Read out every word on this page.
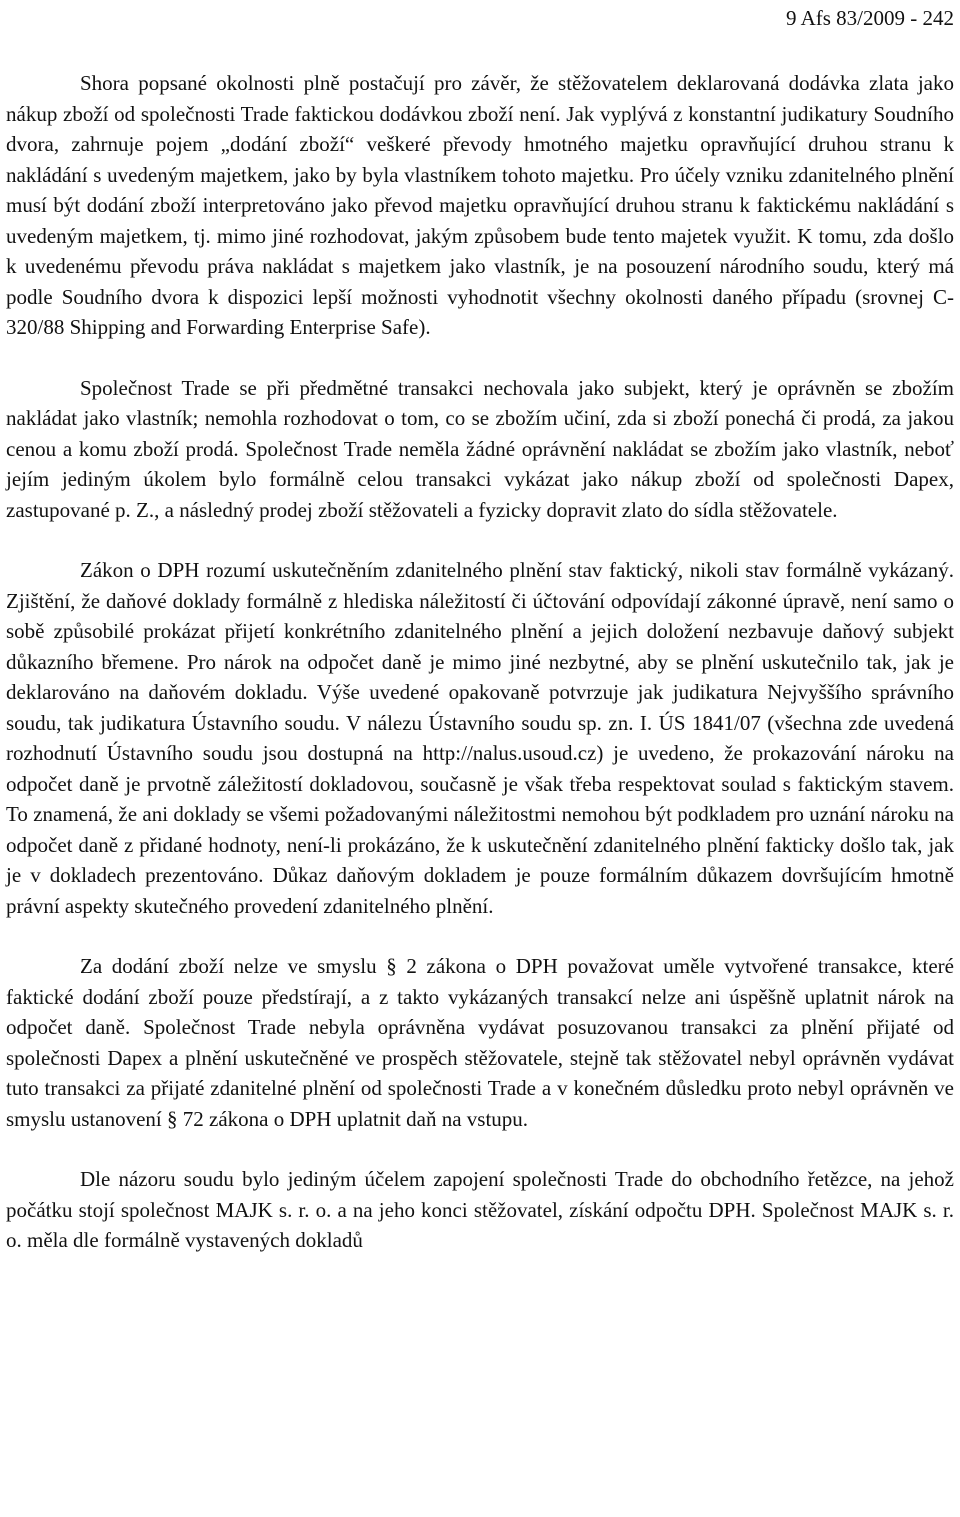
9 Afs 83/2009 - 242

Shora popsané okolnosti plně postačují pro závěr, že stěžovatelem deklarovaná dodávka zlata jako nákup zboží od společnosti Trade faktickou dodávkou zboží není. Jak vyplývá z konstantní judikatury Soudního dvora, zahrnuje pojem „dodání zboží“ veškeré převody hmotného majetku opravňující druhou stranu k nakládání s uvedeným majetkem, jako by byla vlastníkem tohoto majetku. Pro účely vzniku zdanitelného plnění musí být dodání zboží interpretováno jako převod majetku opravňující druhou stranu k faktickému nakládání s uvedeným majetkem, tj. mimo jiné rozhodovat, jakým způsobem bude tento majetek využit. K tomu, zda došlo k uvedenému převodu práva nakládat s majetkem jako vlastník, je na posouzení národního soudu, který má podle Soudního dvora k dispozici lepší možnosti vyhodnotit všechny okolnosti daného případu (srovnej C-320/88 Shipping and Forwarding Enterprise Safe).

Společnost Trade se při předmětné transakci nechovala jako subjekt, který je oprávněn se zbožím nakládat jako vlastník; nemohla rozhodovat o tom, co se zbožím učiní, zda si zboží ponechá či prodá, za jakou cenou a komu zboží prodá. Společnost Trade neměla žádné oprávnění nakládat se zbožím jako vlastník, neboť jejím jediným úkolem bylo formálně celou transakci vykázat jako nákup zboží od společnosti Dapex, zastupované p. Z., a následný prodej zboží stěžovateli a fyzicky dopravit zlato do sídla stěžovatele.

Zákon o DPH rozumí uskutečněním zdanitelného plnění stav faktický, nikoli stav formálně vykázaný. Zjištění, že daňové doklady formálně z hlediska náležitostí či účtování odpovídají zákonné úpravě, není samo o sobě způsobilé prokázat přijetí konkrétního zdanitelného plnění a jejich doložení nezbavuje daňový subjekt důkazního břemene. Pro nárok na odpočet daně je mimo jiné nezbytné, aby se plnění uskutečnilo tak, jak je deklarováno na daňovém dokladu. Výše uvedené opakovaně potvrzuje jak judikatura Nejvyššího správního soudu, tak judikatura Ústavního soudu. V nálezu Ústavního soudu sp. zn. I. ÚS 1841/07 (všechna zde uvedená rozhodnutí Ústavního soudu jsou dostupná na http://nalus.usoud.cz) je uvedeno, že prokazování nároku na odpočet daně je prvotně záležitostí dokladovou, současně je však třeba respektovat soulad s faktickým stavem. To znamená, že ani doklady se všemi požadovanými náležitostmi nemohou být podkladem pro uznání nároku na odpočet daně z přidané hodnoty, není-li prokázáno, že k uskutečnění zdanitelného plnění fakticky došlo tak, jak je v dokladech prezentováno. Důkaz daňovým dokladem je pouze formálním důkazem dovršujícím hmotně právní aspekty skutečného provedení zdanitelného plnění.

Za dodání zboží nelze ve smyslu § 2 zákona o DPH považovat uměle vytvořené transakce, které faktické dodání zboží pouze předstírají, a z takto vykázaných transakcí nelze ani úspěšně uplatnit nárok na odpočet daně. Společnost Trade nebyla oprávněna vydávat posuzovanou transakci za plnění přijaté od společnosti Dapex a plnění uskutečněné ve prospěch stěžovatele, stejně tak stěžovatel nebyl oprávněn vydávat tuto transakci za přijaté zdanitelné plnění od společnosti Trade a v konečném důsledku proto nebyl oprávněn ve smyslu ustanovení § 72 zákona o DPH uplatnit daň na vstupu.

Dle názoru soudu bylo jediným účelem zapojení společnosti Trade do obchodního řetězce, na jehož počátku stojí společnost MAJK s. r. o. a na jeho konci stěžovatel, získání odpočtu DPH. Společnost MAJK s. r. o. měla dle formálně vystavených dokladů
